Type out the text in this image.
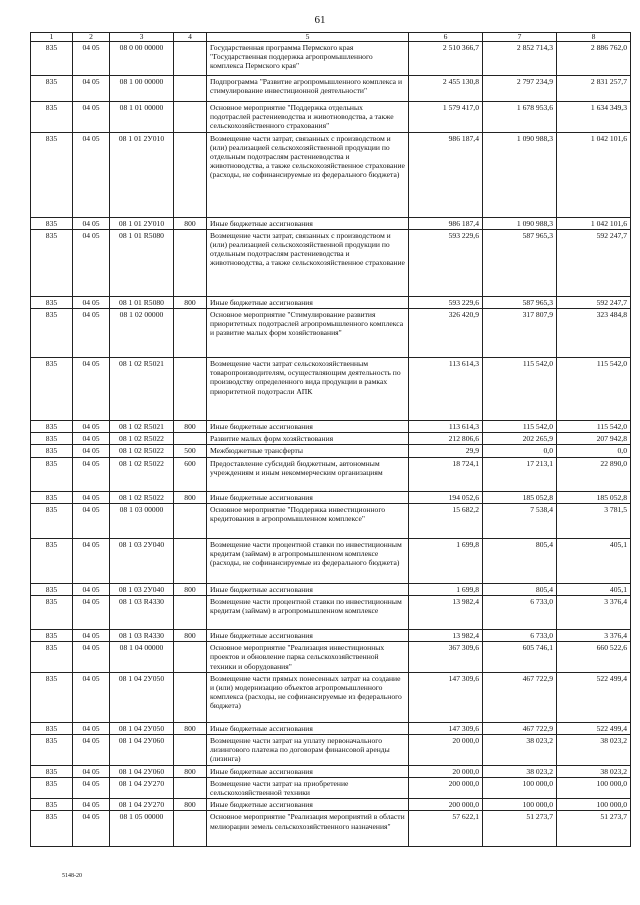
61
1	2	3	4	5	6	7	8
835	04 05	08 0 00 00000		Государственная программа Пермского края "Государственная поддержка агропромышленного комплекса Пермского края"	2 510 366,7	2 852 714,3	2 886 762,0
835	04 05	08 1 00 00000		Подпрограмма "Развитие агропромышленного комплекса и стимулирование инвестиционной деятельности"	2 455 130,8	2 797 234,9	2 831 257,7
835	04 05	08 1 01 00000		Основное мероприятие "Поддержка отдельных подотраслей растениеводства и животноводства, а также сельскохозяйственного страхования"	1 579 417,0	1 678 953,6	1 634 349,3
835	04 05	08 1 01 2У010		Возмещение части затрат, связанных с производством и (или) реализацией сельскохозяйственной продукции по отдельным подотраслям растениеводства и животноводства, а также сельскохозяйственное страхование (расходы, не софинансируемые из федерального бюджета)	986 187,4	1 090 988,3	1 042 101,6
835	04 05	08 1 01 2У010	800	Иные бюджетные ассигнования	986 187,4	1 090 988,3	1 042 101,6
835	04 05	08 1 01 R5080		Возмещение части затрат, связанных с производством и (или) реализацией сельскохозяйственной продукции по отдельным подотраслям растениеводства и животноводства, а также сельскохозяйственное страхование	593 229,6	587 965,3	592 247,7
835	04 05	08 1 01 R5080	800	Иные бюджетные ассигнования	593 229,6	587 965,3	592 247,7
835	04 05	08 1 02 00000		Основное мероприятие "Стимулирование развития приоритетных подотраслей агропромышленного комплекса и развитие малых форм хозяйствования"	326 420,9	317 807,9	323 484,8
835	04 05	08 1 02 R5021		Возмещение части затрат сельскохозяйственным товаропроизводителям, осуществляющим деятельность по производству определенного вида продукции в рамках приоритетной подотрасли АПК	113 614,3	115 542,0	115 542,0
835	04 05	08 1 02 R5021	800	Иные бюджетные ассигнования	113 614,3	115 542,0	115 542,0
835	04 05	08 1 02 R5022		Развитие малых форм хозяйствования	212 806,6	202 265,9	207 942,8
835	04 05	08 1 02 R5022	500	Межбюджетные трансферты	29,9	0,0	0,0
835	04 05	08 1 02 R5022	600	Предоставление субсидий бюджетным, автономным учреждениям и иным некоммерческим организациям	18 724,1	17 213,1	22 890,0
835	04 05	08 1 02 R5022	800	Иные бюджетные ассигнования	194 052,6	185 052,8	185 052,8
835	04 05	08 1 03 00000		Основное мероприятие "Поддержка инвестиционного кредитования в агропромышленном комплексе"	15 682,2	7 538,4	3 781,5
835	04 05	08 1 03 2У040		Возмещение части процентной ставки по инвестиционным кредитам (займам) в агропромышленном комплексе (расходы, не софинансируемые из федерального бюджета)	1 699,8	805,4	405,1
835	04 05	08 1 03 2У040	800	Иные бюджетные ассигнования	1 699,8	805,4	405,1
835	04 05	08 1 03 R4330		Возмещение части процентной ставки по инвестиционным кредитам (займам) в агропромышленном комплексе	13 982,4	6 733,0	3 376,4
835	04 05	08 1 03 R4330	800	Иные бюджетные ассигнования	13 982,4	6 733,0	3 376,4
835	04 05	08 1 04 00000		Основное мероприятие "Реализация инвестиционных проектов и обновление парка сельскохозяйственной техники и оборудования"	367 309,6	605 746,1	660 522,6
835	04 05	08 1 04 2У050		Возмещение части прямых понесенных затрат на создание и (или) модернизацию объектов агропромышленного комплекса (расходы, не софинансируемые из федерального бюджета)	147 309,6	467 722,9	522 499,4
835	04 05	08 1 04 2У050	800	Иные бюджетные ассигнования	147 309,6	467 722,9	522 499,4
835	04 05	08 1 04 2У060		Возмещение части затрат на уплату первоначального лизингового платежа по договорам финансовой аренды (лизинга)	20 000,0	38 023,2	38 023,2
835	04 05	08 1 04 2У060	800	Иные бюджетные ассигнования	20 000,0	38 023,2	38 023,2
835	04 05	08 1 04 2У270		Возмещение части затрат на приобретение сельскохозяйственной техники	200 000,0	100 000,0	100 000,0
835	04 05	08 1 04 2У270	800	Иные бюджетные ассигнования	200 000,0	100 000,0	100 000,0
835	04 05	08 1 05 00000		Основное мероприятие "Реализация мероприятий в области мелиорации земель сельскохозяйственного назначения"	57 622,1	51 273,7	51 273,7
5148-20
